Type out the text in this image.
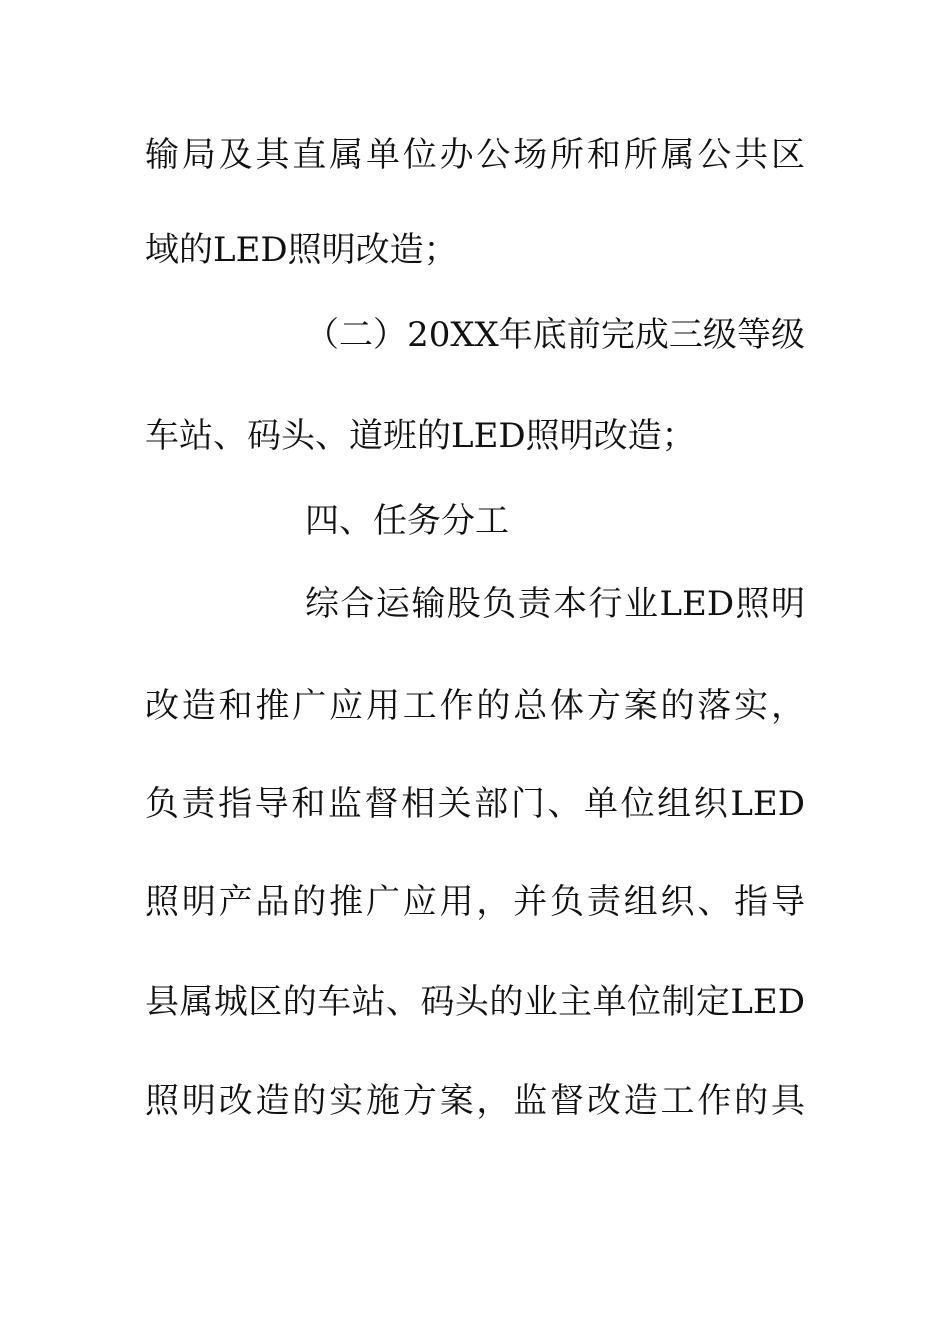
输局及其直属单位办公场所和所属公共区
域的LED照明改造；
（二）20XX年底前完成三级等级
车站、码头、道班的LED照明改造；
四、任务分工
综合运输股负责本行业LED照明
改造和推广应用工作的总体方案的落实，
负责指导和监督相关部门、单位组织LED
照明产品的推广应用，并负责组织、指导
县属城区的车站、码头的业主单位制定LED
照明改造的实施方案，监督改造工作的具
